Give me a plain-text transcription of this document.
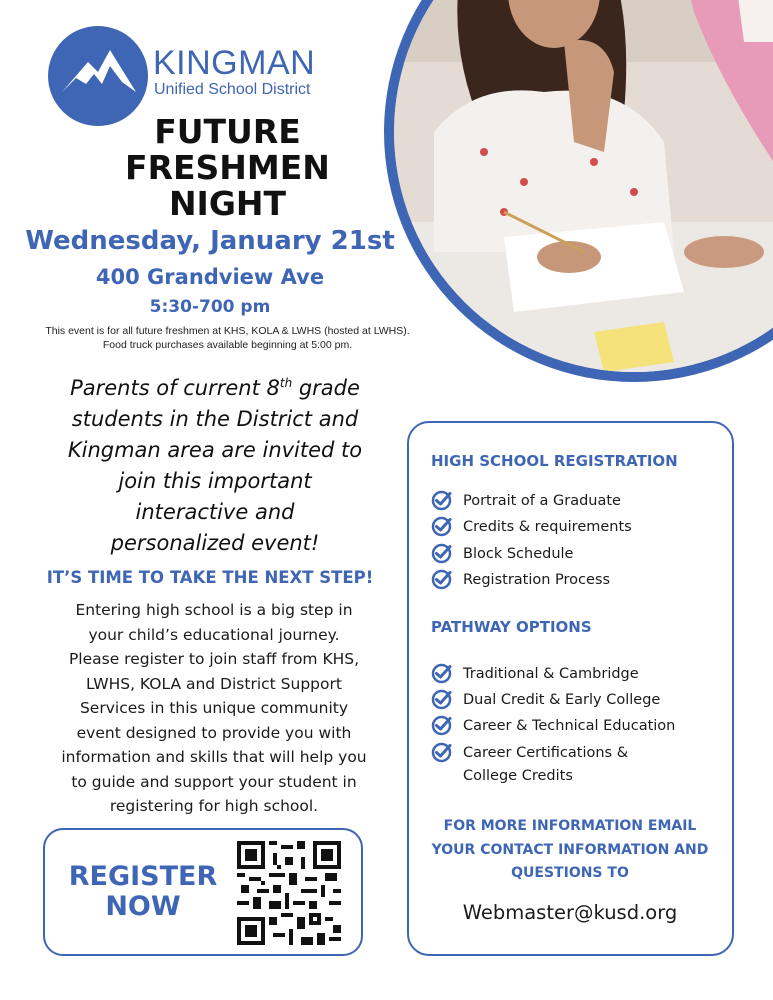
KINGMAN
Unified School District
FUTURE
FRESHMEN
NIGHT
Wednesday, January 21st
400 Grandview Ave
5:30-700 pm
This event is for all future freshmen at KHS, KOLA & LWHS (hosted at LWHS).
Food truck purchases available beginning at 5:00 pm.
Parents of current 8th grade
students in the District and
Kingman area are invited to
join this important
interactive and
personalized event!
IT’S TIME TO TAKE THE NEXT STEP!
Entering high school is a big step in
your child’s educational journey.
Please register to join staff from KHS,
LWHS, KOLA and District Support
Services in this unique community
event designed to provide you with
information and skills that will help you
to guide and support your student in
registering for high school.
REGISTER
NOW
HIGH SCHOOL REGISTRATION
Portrait of a Graduate
Credits & requirements
Block Schedule
Registration Process
PATHWAY OPTIONS
Traditional & Cambridge
Dual Credit & Early College
Career & Technical Education
Career Certifications &
College Credits
FOR MORE INFORMATION EMAIL
YOUR CONTACT INFORMATION AND
QUESTIONS TO
Webmaster@kusd.org
